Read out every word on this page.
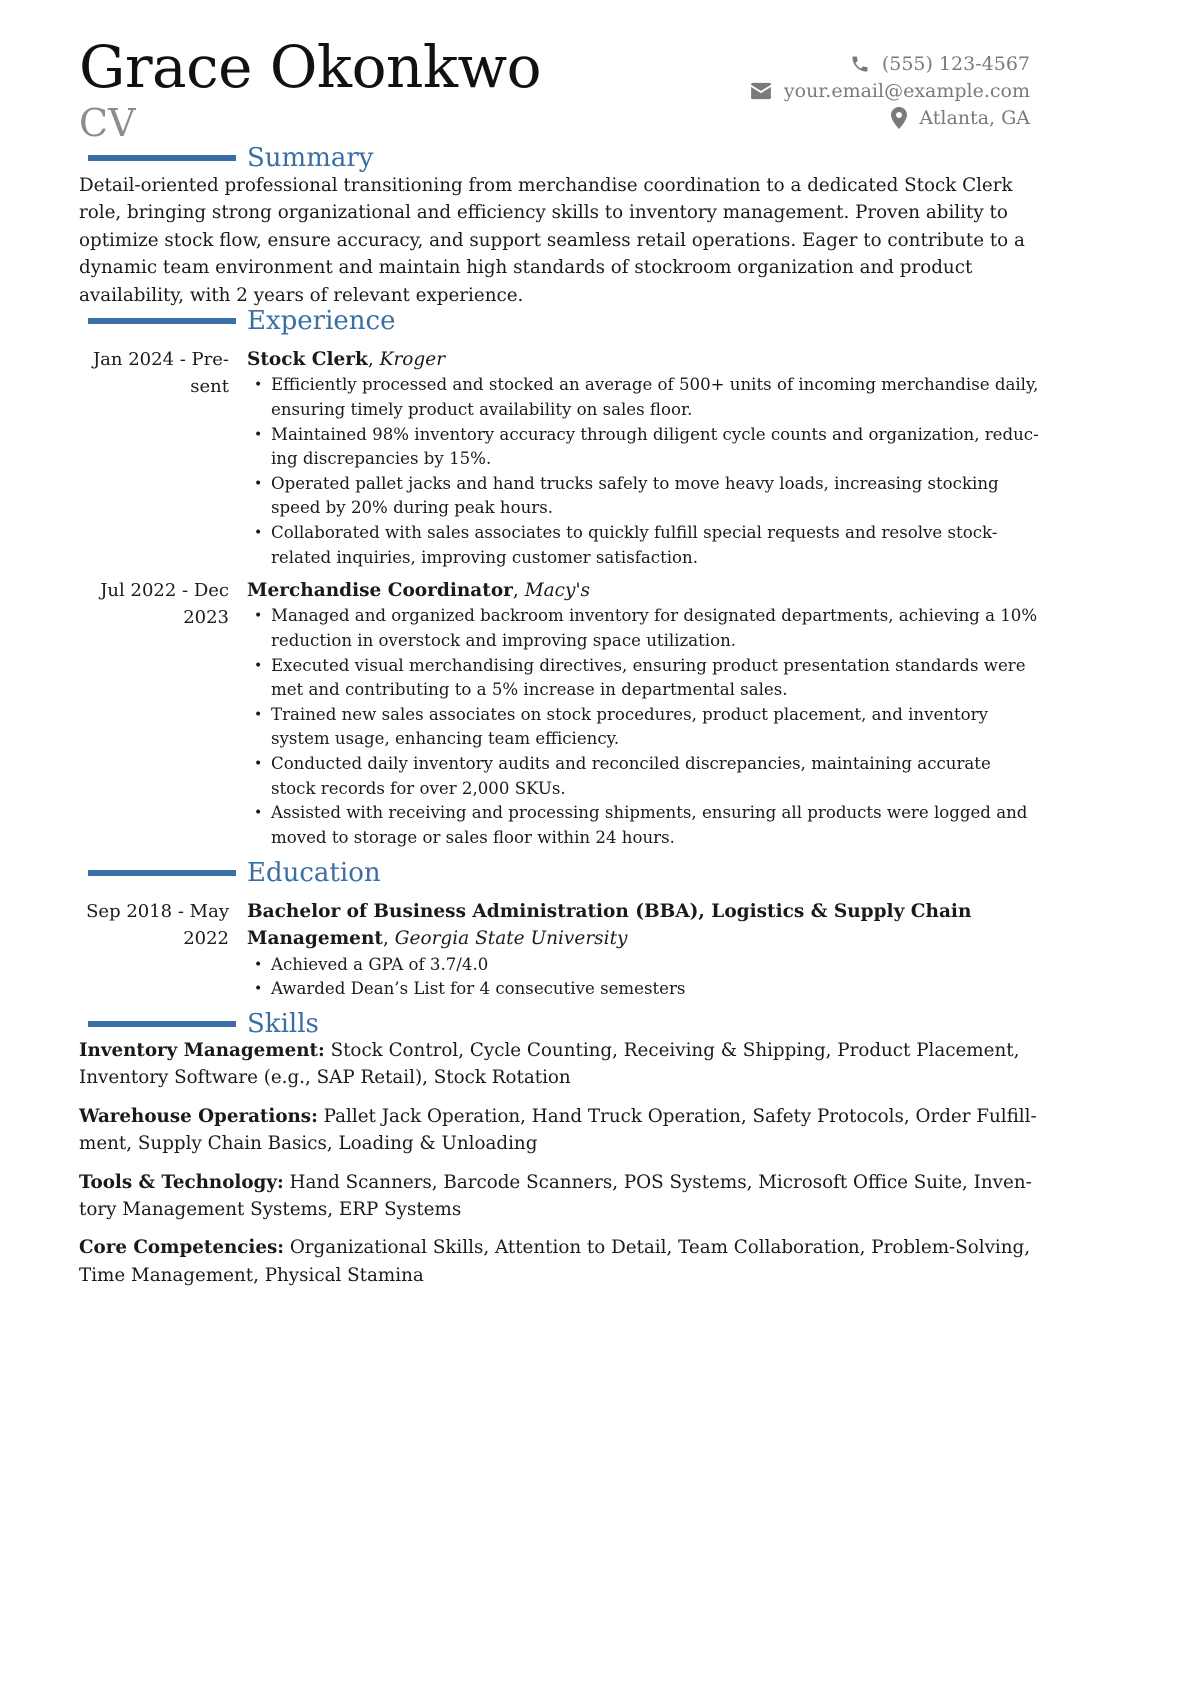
Grace Okonkwo
CV
(555) 123-4567
your.email@example.com
Atlanta, GA
Summary
Detail-oriented professional transitioning from merchandise coordination to a dedicated Stock Clerk role, bringing strong organizational and efficiency skills to inventory management. Proven ability to optimize stock flow, ensure accuracy, and support seamless retail operations. Eager to contribute to a dynamic team environment and maintain high standards of stockroom organization and product availability, with 2 years of relevant experience.
Experience
Jan 2024 - Pre-
sent
Stock Clerk, Kroger
• Efficiently processed and stocked an average of 500+ units of incoming merchandise daily, ensuring timely product availability on sales floor.
• Maintained 98% inventory accuracy through diligent cycle counts and organization, reduc-ing discrepancies by 15%.
• Operated pallet jacks and hand trucks safely to move heavy loads, increasing stocking speed by 20% during peak hours.
• Collaborated with sales associates to quickly fulfill special requests and resolve stock-related inquiries, improving customer satisfaction.
Jul 2022 - Dec
2023
Merchandise Coordinator, Macy's
• Managed and organized backroom inventory for designated departments, achieving a 10% reduction in overstock and improving space utilization.
• Executed visual merchandising directives, ensuring product presentation standards were met and contributing to a 5% increase in departmental sales.
• Trained new sales associates on stock procedures, product placement, and inventory system usage, enhancing team efficiency.
• Conducted daily inventory audits and reconciled discrepancies, maintaining accurate stock records for over 2,000 SKUs.
• Assisted with receiving and processing shipments, ensuring all products were logged and moved to storage or sales floor within 24 hours.
Education
Sep 2018 - May
2022
Bachelor of Business Administration (BBA), Logistics & Supply Chain Management, Georgia State University
• Achieved a GPA of 3.7/4.0
• Awarded Dean’s List for 4 consecutive semesters
Skills
Inventory Management: Stock Control, Cycle Counting, Receiving & Shipping, Product Placement, Inventory Software (e.g., SAP Retail), Stock Rotation
Warehouse Operations: Pallet Jack Operation, Hand Truck Operation, Safety Protocols, Order Fulfill-ment, Supply Chain Basics, Loading & Unloading
Tools & Technology: Hand Scanners, Barcode Scanners, POS Systems, Microsoft Office Suite, Inven-tory Management Systems, ERP Systems
Core Competencies: Organizational Skills, Attention to Detail, Team Collaboration, Problem-Solving, Time Management, Physical Stamina
